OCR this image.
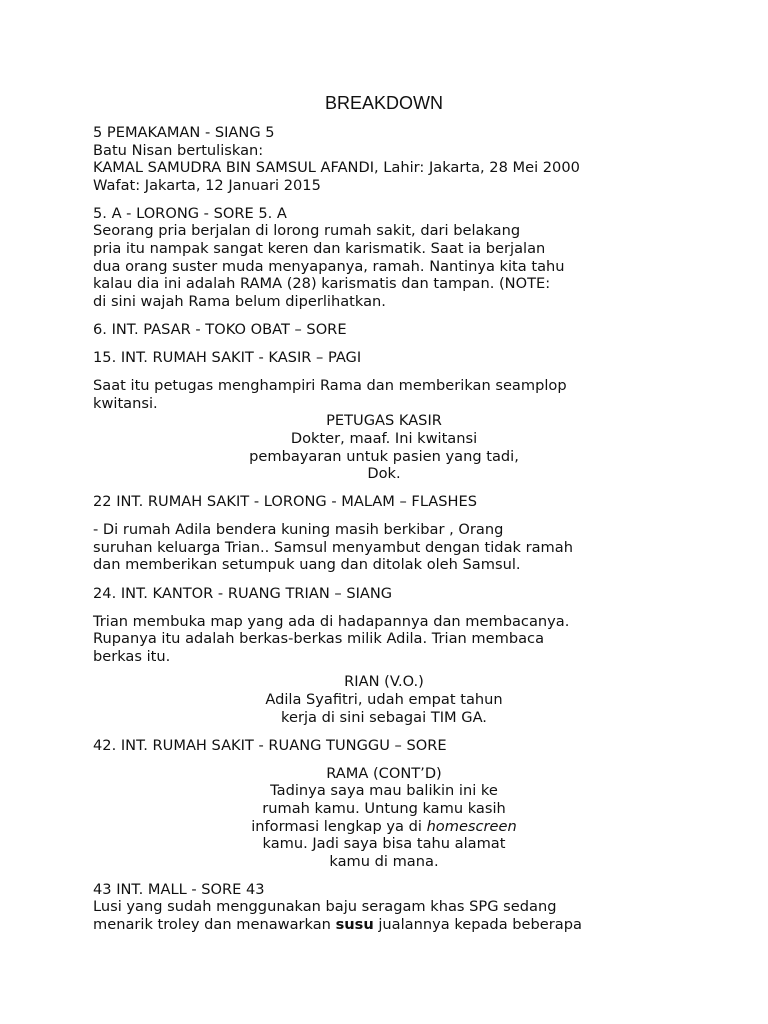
BREAKDOWN
5 PEMAKAMAN - SIANG 5
Batu Nisan bertuliskan:
KAMAL SAMUDRA BIN SAMSUL AFANDI, Lahir: Jakarta, 28 Mei 2000
Wafat: Jakarta, 12 Januari 2015
5. A - LORONG - SORE 5. A
Seorang pria berjalan di lorong rumah sakit, dari belakang
pria itu nampak sangat keren dan karismatik. Saat ia berjalan
dua orang suster muda menyapanya, ramah. Nantinya kita tahu
kalau dia ini adalah RAMA (28) karismatis dan tampan. (NOTE:
di sini wajah Rama belum diperlihatkan.
6. INT. PASAR - TOKO OBAT – SORE
15. INT. RUMAH SAKIT - KASIR – PAGI
Saat itu petugas menghampiri Rama dan memberikan seamplop
kwitansi.
PETUGAS KASIR
Dokter, maaf. Ini kwitansi
pembayaran untuk pasien yang tadi,
Dok.
22 INT. RUMAH SAKIT - LORONG - MALAM – FLASHES
- Di rumah Adila bendera kuning masih berkibar , Orang
suruhan keluarga Trian.. Samsul menyambut dengan tidak ramah
dan memberikan setumpuk uang dan ditolak oleh Samsul.
24. INT. KANTOR - RUANG TRIAN – SIANG
Trian membuka map yang ada di hadapannya dan membacanya.
Rupanya itu adalah berkas-berkas milik Adila. Trian membaca
berkas itu.
RIAN (V.O.)
Adila Syafitri, udah empat tahun
kerja di sini sebagai TIM GA.
42. INT. RUMAH SAKIT - RUANG TUNGGU – SORE
RAMA (CONT’D)
Tadinya saya mau balikin ini ke
rumah kamu. Untung kamu kasih
informasi lengkap ya di homescreen
kamu. Jadi saya bisa tahu alamat
kamu di mana.
43 INT. MALL - SORE 43
Lusi yang sudah menggunakan baju seragam khas SPG sedang
menarik troley dan menawarkan susu jualannya kepada beberapa
